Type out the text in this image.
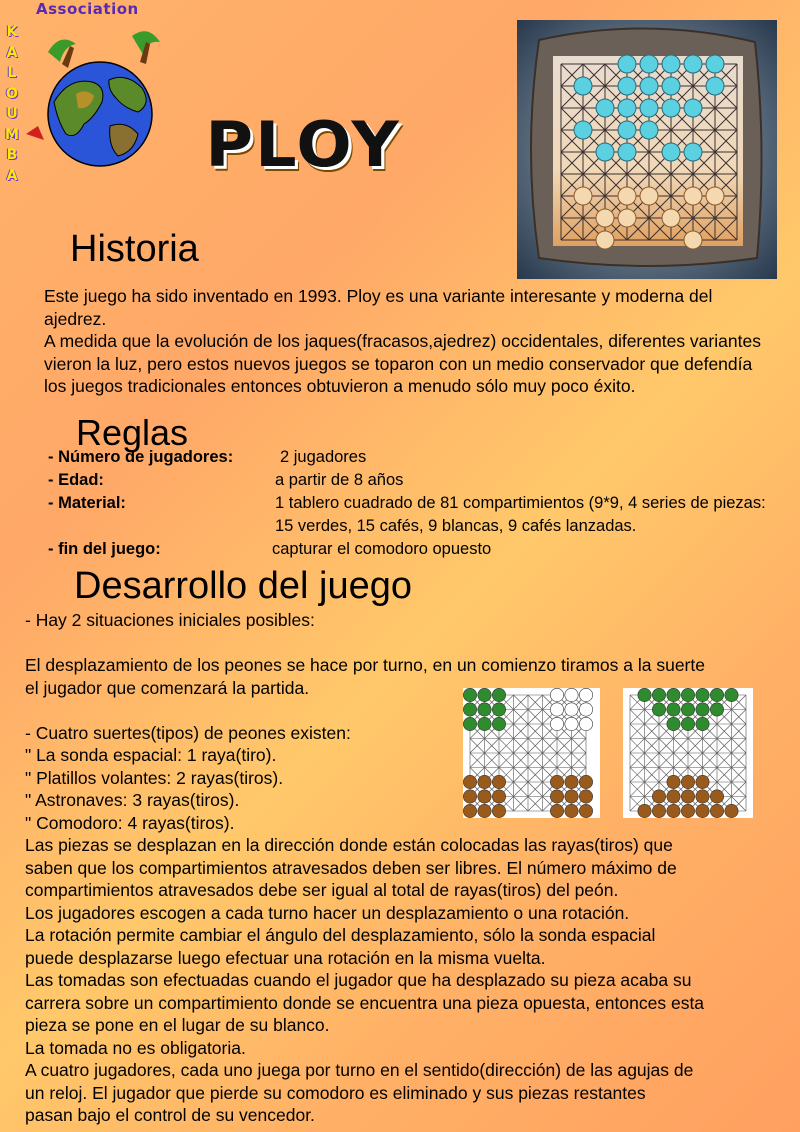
Association
K
A
L
O
U
M
B
A	PLOY
Historia
Este juego ha sido inventado en 1993. Ploy es una variante interesante y moderna del ajedrez.
A medida que la evolución de los jaques(fracasos,ajedrez) occidentales, diferentes variantes vieron la luz, pero estos nuevos juegos se toparon con un medio conservador que defendía los juegos tradicionales entonces obtuvieron a menudo sólo muy poco éxito.
Reglas
- Número de jugadores:	2 jugadores
- Edad:	a partir de 8 años
- Material:	1 tablero cuadrado de 81 compartimientos (9*9, 4 series de piezas: 15 verdes, 15 cafés, 9 blancas, 9 cafés lanzadas.
- fin del juego:	capturar el comodoro opuesto
Desarrollo del juego
- Hay 2 situaciones iniciales posibles:
El desplazamiento de los peones se hace por turno, en un comienzo tiramos a la suerte
el jugador que comenzará la partida.
- Cuatro suertes(tipos) de peones existen:
" La sonda espacial: 1 raya(tiro).
" Platillos volantes: 2 rayas(tiros).
" Astronaves: 3 rayas(tiros).
" Comodoro: 4 rayas(tiros).
Las piezas se desplazan en la dirección donde están colocadas las rayas(tiros) que
saben que los compartimientos atravesados deben ser libres. El número máximo de
compartimientos atravesados debe ser igual al total de rayas(tiros) del peón.
Los jugadores escogen a cada turno hacer un desplazamiento o una rotación.
La rotación permite cambiar el ángulo del desplazamiento, sólo la sonda espacial
puede desplazarse luego efectuar una rotación en la misma vuelta.
Las tomadas son efectuadas cuando el jugador que ha desplazado su pieza acaba su
carrera sobre un compartimiento donde se encuentra una pieza opuesta, entonces esta
pieza se pone en el lugar de su blanco.
La tomada no es obligatoria.
A cuatro jugadores, cada uno juega por turno en el sentido(dirección) de las agujas de
un reloj. El jugador que pierde su comodoro es eliminado y sus piezas restantes
pasan bajo el control de su vencedor.
